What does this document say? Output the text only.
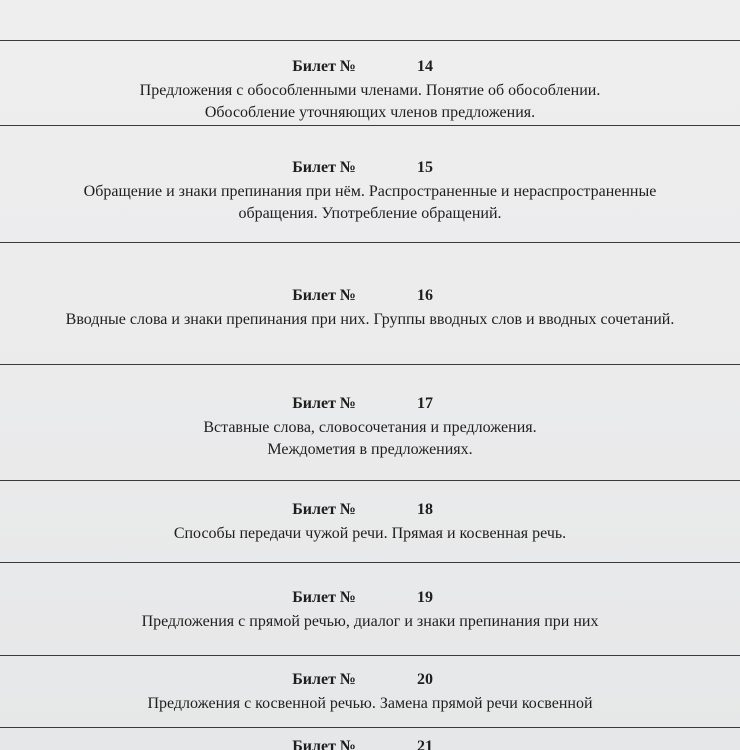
Билет №	14
Предложения с обособленными членами. Понятие об обособлении.
Обособление уточняющих членов предложения.
Билет №	15
Обращение и знаки препинания при нём. Распространенные и нераспространенные
обращения. Употребление обращений.
Билет №	16
Вводные слова и знаки препинания при них. Группы вводных слов и вводных сочетаний.
Билет №	17
Вставные слова, словосочетания и предложения.
Междометия в предложениях.
Билет №	18
Способы передачи чужой речи. Прямая и косвенная речь.
Билет №	19
Предложения с прямой речью, диалог и знаки препинания при них
Билет №	20
Предложения с косвенной речью. Замена прямой речи косвенной
Билет №	21
